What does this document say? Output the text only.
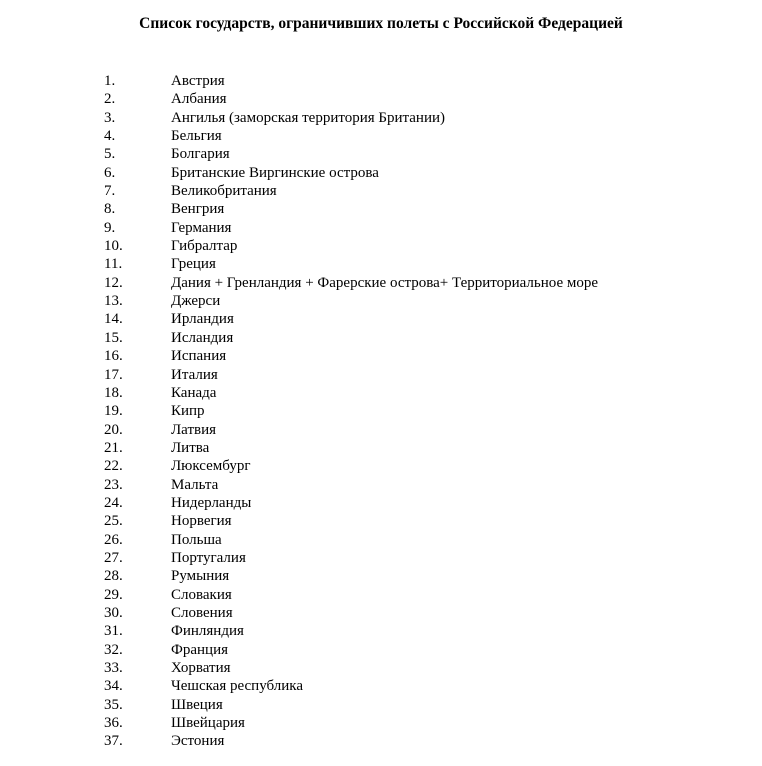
Список государств, ограничивших полеты с Российской Федерацией
1.	Австрия
2.	Албания
3.	Ангилья (заморская территория Британии)
4.	Бельгия
5.	Болгария
6.	Британские Виргинские острова
7.	Великобритания
8.	Венгрия
9.	Германия
10.	Гибралтар
11.	Греция
12.	Дания + Гренландия + Фарерские острова+ Территориальное море
13.	Джерси
14.	Ирландия
15.	Исландия
16.	Испания
17.	Италия
18.	Канада
19.	Кипр
20.	Латвия
21.	Литва
22.	Люксембург
23.	Мальта
24.	Нидерланды
25.	Норвегия
26.	Польша
27.	Португалия
28.	Румыния
29.	Словакия
30.	Словения
31.	Финляндия
32.	Франция
33.	Хорватия
34.	Чешская республика
35.	Швеция
36.	Швейцария
37.	Эстония
